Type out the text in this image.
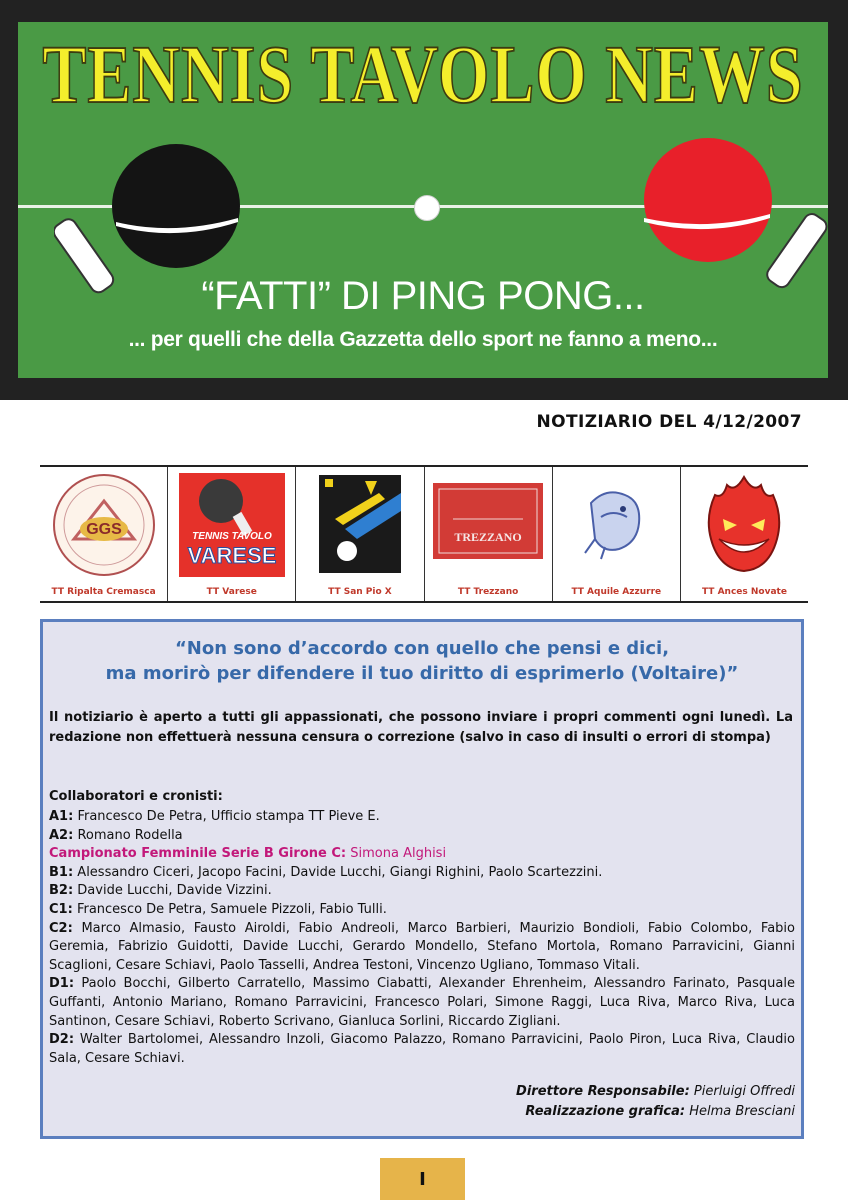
TENNIS TAVOLO NEWS
“FATTI” DI PING PONG...
... per quelli che della Gazzetta dello sport ne fanno a meno...
NOTIZIARIO DEL 4/12/2007
GGS
TT Ripalta Cremasca
TENNIS TAVOLO
VARESE
TT Varese	TT San Pio X
TREZZANO
TT Trezzano	TT Aquile Azzurre	TT Ances Novate
“Non sono d’accordo con quello che pensi e dici,
ma morirò per difendere il tuo diritto di esprimerlo (Voltaire)”
Il notiziario è aperto a tutti gli appassionati, che possono inviare i propri commenti ogni lunedì. La redazione non effettuerà nessuna censura o correzione (salvo in caso di insulti o errori di stompa)
Collaboratori e cronisti:

A1: Francesco De Petra, Ufficio stampa TT Pieve E.

A2: Romano Rodella

Campionato Femminile Serie B Girone C: Simona Alghisi

B1: Alessandro Ciceri, Jacopo Facini, Davide Lucchi, Giangi Righini, Paolo Scartezzini.

B2: Davide Lucchi, Davide Vizzini.

C1: Francesco De Petra, Samuele Pizzoli, Fabio Tulli.

C2: Marco Almasio, Fausto Airoldi, Fabio Andreoli, Marco Barbieri, Maurizio Bondioli, Fabio Colombo, Fabio Geremia, Fabrizio Guidotti, Davide Lucchi, Gerardo Mondello, Stefano Mortola, Romano Parravicini, Gianni Scaglioni, Cesare Schiavi, Paolo Tasselli, Andrea Testoni, Vincenzo Ugliano, Tommaso Vitali.

D1: Paolo Bocchi, Gilberto Carratello, Massimo Ciabatti, Alexander Ehrenheim, Alessandro Farinato, Pasquale Guffanti, Antonio Mariano, Romano Parravicini, Francesco Polari, Simone Raggi, Luca Riva, Marco Riva, Luca Santinon, Cesare Schiavi, Roberto Scrivano, Gianluca Sorlini, Riccardo Zigliani.

D2: Walter Bartolomei, Alessandro Inzoli, Giacomo Palazzo, Romano Parravicini, Paolo Piron, Luca Riva, Claudio Sala, Cesare Schiavi.

Direttore Responsabile: Pierluigi Offredi
Realizzazione grafica: Helma Bresciani
I
